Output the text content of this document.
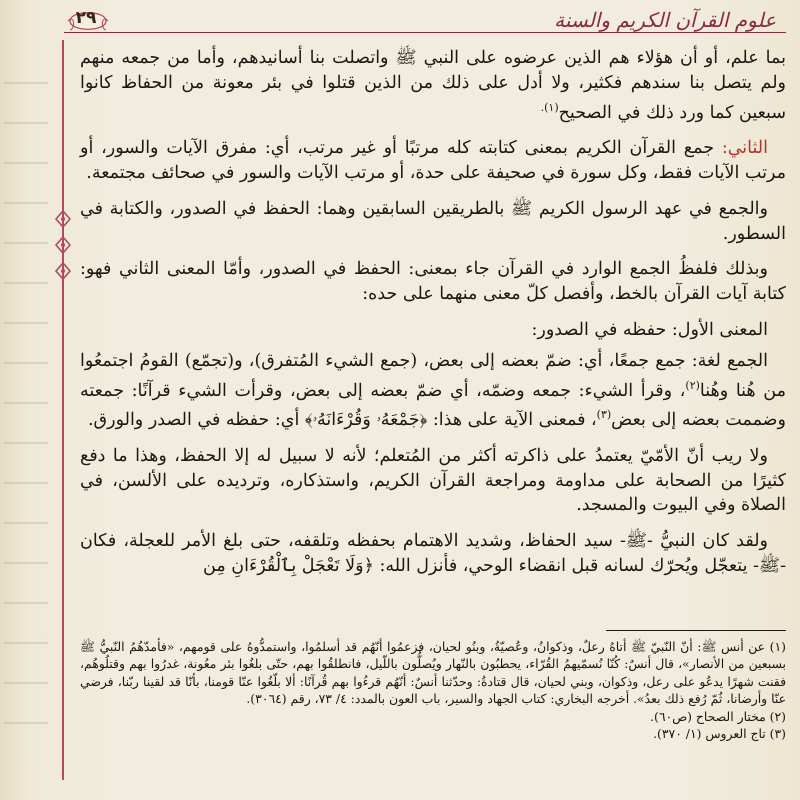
علوم القرآن الكريم والسنة
٢٩

بما علم، أو أن هؤلاء هم الذين عرضوه على النبي ﷺ واتصلت بنا أسانيدهم، وأما من جمعه منهم ولم يتصل بنا سندهم فكثير، ولا أدل على ذلك من الذين قتلوا في بئر معونة من الحفاظ كانوا سبعين كما ورد ذلك في الصحيح$^{(١).}$

الثاني: جمع القرآن الكريم بمعنى كتابته كله مرتبًا أو غير مرتب، أي: مفرق الآيات والسور، أو مرتب الآيات فقط، وكل سورة في صحيفة على حدة، أو مرتب الآيات والسور في صحائف مجتمعة.

والجمع في عهد الرسول الكريم ﷺ بالطريقين السابقين وهما: الحفظ في الصدور، والكتابة في السطور.

وبذلك فلفظُ الجمع الوارد في القرآن جاء بمعنى: الحفظ في الصدور، وأمّا المعنى الثاني فهو: كتابة آيات القرآن بالخط، وأفصل كلّ معنى منهما على حده:

المعنى الأول: حفظه في الصدور:

الجمع لغة: جمع جمعًا، أي: ضمّ بعضه إلى بعض، (جمع الشيء المُتفرق)، و(تجمّع) القومُ اجتمعُوا من هُنا وهُنا$^{(٢)}$، وقرأ الشيء: جمعه وضمّه، أي ضمّ بعضه إلى بعض، وقرأت الشيء قرآنًا: جمعته وضممت بعضه إلى بعض$^{(٣)}$، فمعنى الآية على هذا: ﴿جَمْعَهُۥ وَقُرْءَانَهُۥ﴾ أي: حفظه في الصدر والورق.

ولا ريب أنّ الأمّيّ يعتمدُ على ذاكرته أكثر من المُتعلم؛ لأنه لا سبيل له إلا الحفظ، وهذا ما دفع كثيرًا من الصحابة على مداومة ومراجعة القرآن الكريم، واستذكاره، وترديده على الألسن، في الصلاة وفي البيوت والمسجد.

ولقد كان النبيُّ -ﷺ- سيد الحفاظ، وشديد الاهتمام بحفظه وتلقفه، حتى بلغ الأمر للعجلة، فكان -ﷺ- يتعجّل ويُحرّك لسانه قبل انقضاء الوحي، فأنزل الله: ﴿وَلَا تَعْجَلْ بِٱلْقُرْءَانِ مِن

(١) عن أنس ﷺ: أنّ النّبيّ ﷺ أتاهُ رعلٌ، وذكوانُ، وعُصيّةُ، وبنُو لحيان، فزعمُوا أنّهُم قد أسلمُوا، واستمدُّوهُ على قومهم، «فأمدّهُمُ النّبيُّ ﷺ بسبعين من الأنصار»، قال أنسٌ: كُنّا نُسمّيهمُ القُرّاء، يحطبُون بالنّهار ويُصلُّون باللّيل، فانطلقُوا بهم، حتّى بلغُوا بئر معُونة، غدرُوا بهم وقتلُوهُم، فقنت شهرًا يدعُو على رعل، وذكوان، وبني لحيان، قال قتادةُ: وحدّثنا أنسٌ: أنّهُم قرءُوا بهم قُرآنًا: ألا بلّغُوا عنّا قومنا، بأنّا قد لقينا ربّنا، فرضي عنّا وأرضانا، ثُمّ رُفع ذلك بعدُ». أخرجه البخاري: كتاب الجهاد والسير، باب العون بالمدد: ٤/ ٧٣، رقم (٣٠٦٤).

(٢) مختار الصحاح (ص٦٠).

(٣) تاج العروس (١/ ٣٧٠).
